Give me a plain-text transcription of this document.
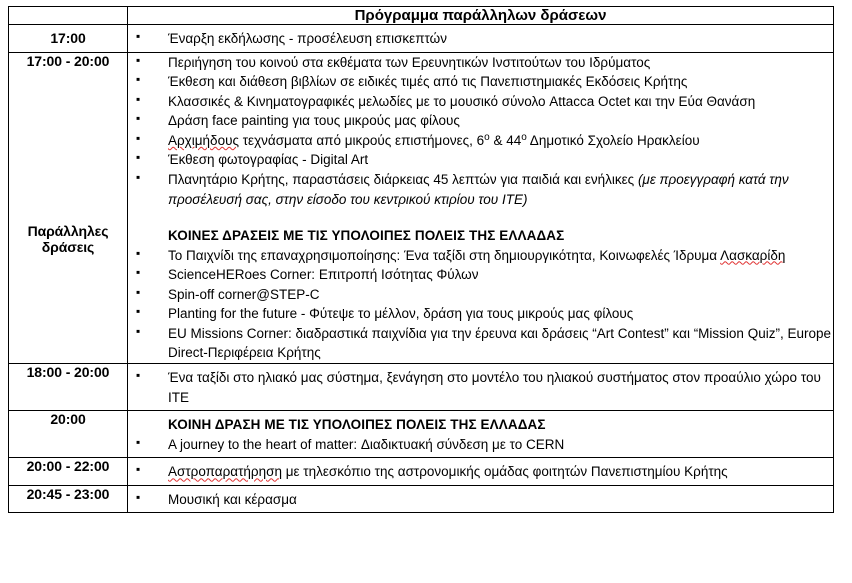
	Πρόγραμμα παράλληλων δράσεων

17:00

▪Έναρξη εκδήλωσης - προσέλευση επισκεπτών

17:00 - 20:00
Παράλληλες
δράσεις

▪ Περιήγηση του κοινού στα εκθέματα των Ερευνητικών Ινστιτούτων του Ιδρύματος
▪ Έκθεση και διάθεση βιβλίων σε ειδικές τιμές από τις Πανεπιστημιακές Εκδόσεις Κρήτης
▪ Κλασσικές & Κινηματογραφικές μελωδίες με το μουσικό σύνολο Attacca Octet και την Εύα Θανάση
▪ Δράση face painting για τους μικρούς μας φίλους
▪ Αρχιμήδους τεχνάσματα από μικρούς επιστήμονες, $6^o$ & $44^o$ Δημοτικό Σχολείο Ηρακλείου
▪ Έκθεση φωτογραφίας - Digital Art
▪ Πλανητάριο Κρήτης, παραστάσεις διάρκειας 45 λεπτών για παιδιά και ενήλικες (με προεγγραφή κατά την προσέλευσή σας, στην είσοδο του κεντρικού κτιρίου του ΙΤΕ)
ΚΟΙΝΕΣ ΔΡΑΣΕΙΣ ΜΕ ΤΙΣ ΥΠΟΛΟΙΠΕΣ ΠΟΛΕΙΣ ΤΗΣ ΕΛΛΑΔΑΣ
▪ Το Παιχνίδι της επαναχρησιμοποίησης: Ένα ταξίδι στη δημιουργικότητα, Κοινωφελές Ίδρυμα Λασκαρίδη
▪ ScienceHERoes Corner: Επιτροπή Ισότητας Φύλων
▪ Spin-off corner@STEP-C
▪ Planting for the future - Φύτεψε το μέλλον, δράση για τους μικρούς μας φίλους
▪ EU Missions Corner: διαδραστικά παιχνίδια για την έρευνα και δράσεις “Art Contest” και “Mission Quiz”, Europe Direct-Περιφέρεια Κρήτης

18:00 - 20:00

▪ Ένα ταξίδι στο ηλιακό μας σύστημα, ξενάγηση στο μοντέλο του ηλιακού συστήματος στον προαύλιο χώρο του ΙΤΕ

20:00	ΚΟΙΝΗ ΔΡΑΣΗ ΜΕ ΤΙΣ ΥΠΟΛΟΙΠΕΣ ΠΟΛΕΙΣ ΤΗΣ ΕΛΛΑΔΑΣ
▪ A journey to the heart of matter: Διαδικτυακή σύνδεση με το CERN

20:00 - 22:00

▪Αστροπαρατήρηση με τηλεσκόπιο της αστρονομικής ομάδας φοιτητών Πανεπιστημίου Κρήτης

20:45 - 23:00

▪Μουσική και κέρασμα
